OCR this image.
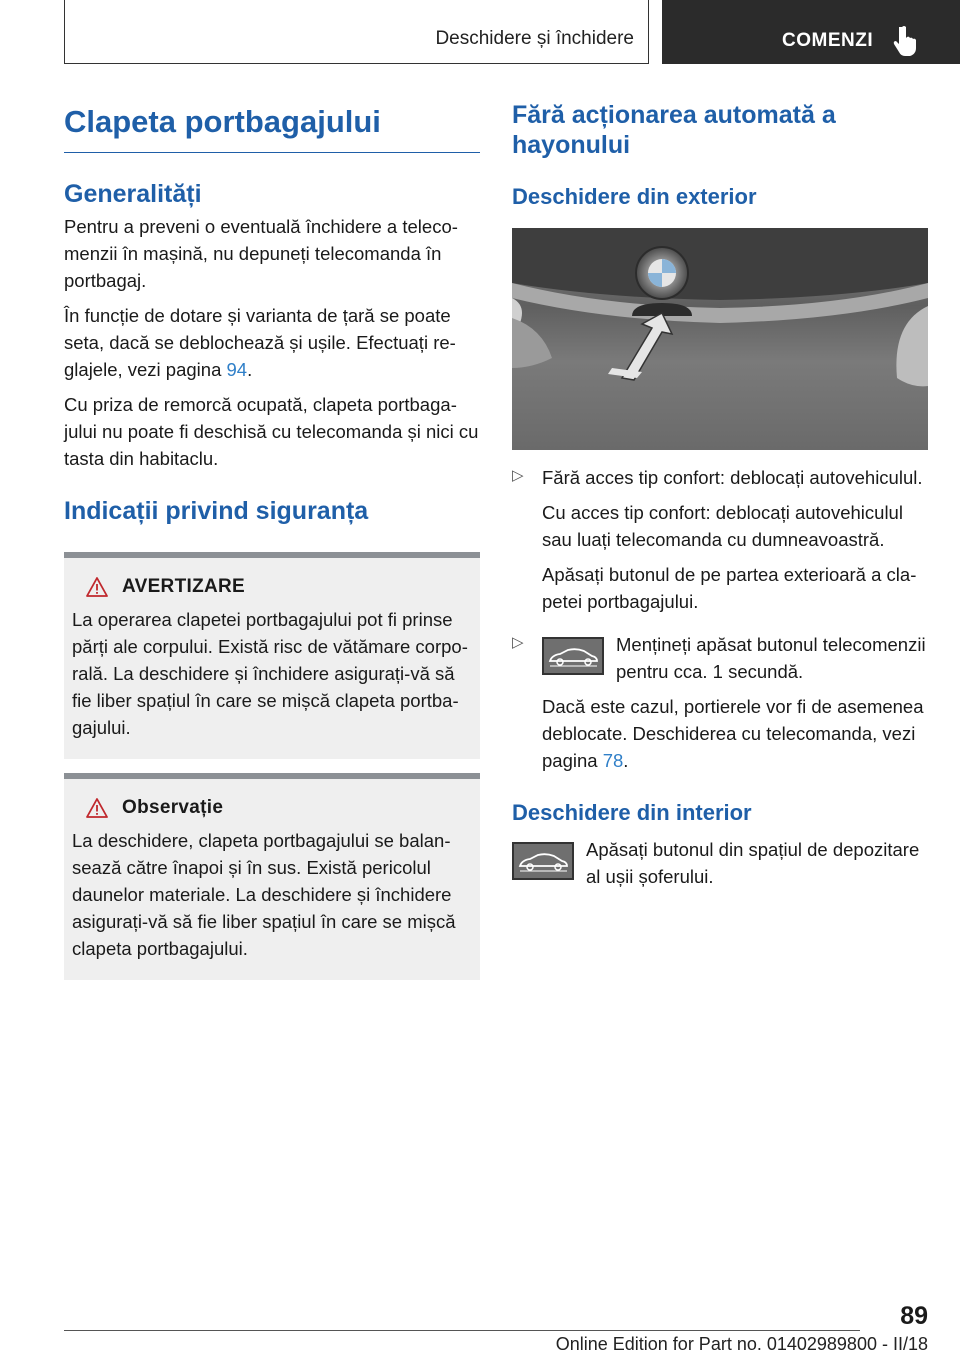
Deschidere și închidere	COMENZI
Clapeta portbagajului
Generalități

Pentru a preveni o eventuală închidere a telecomenzii în mașină, nu depuneți telecomanda în portbagaj.

În funcție de dotare și varianta de țară se poate seta, dacă se deblochează și ușile. Efectuați reglajele, vezi pagina 94.

Cu priza de remorcă ocupată, clapeta portbagajului nu poate fi deschisă cu telecomanda și nici cu tasta din habitaclu.

Indicații privind siguranța
AVERTIZARE

La operarea clapetei portbagajului pot fi prinse părți ale corpului. Există risc de vătămare corporală. La deschidere și închidere asigurați-vă să fie liber spațiul în care se mișcă clapeta portbagajului.

Observație

La deschidere, clapeta portbagajului se balansează către înapoi și în sus. Există pericolul daunelor materiale. La deschidere și închidere asigurați-vă să fie liber spațiul în care se mișcă clapeta portbagajului.

Fără acționarea automată a hayonului
Deschidere din exterior
▷ Fără acces tip confort: deblocați autovehiculul.

Cu acces tip confort: deblocați autovehiculul sau luați telecomanda cu dumneavoastră.

Apăsați butonul de pe partea exterioară a clapetei portbagajului.

▷	Mențineți apăsat butonul telecomenzii pentru cca. 1 secundă.

Dacă este cazul, portierele vor fi de asemenea deblocate. Deschiderea cu telecomanda, vezi pagina 78.

Deschidere din interior

Apăsați butonul din spațiul de depozitare al ușii șoferului.

89
Online Edition for Part no. 01402989800 - II/18
